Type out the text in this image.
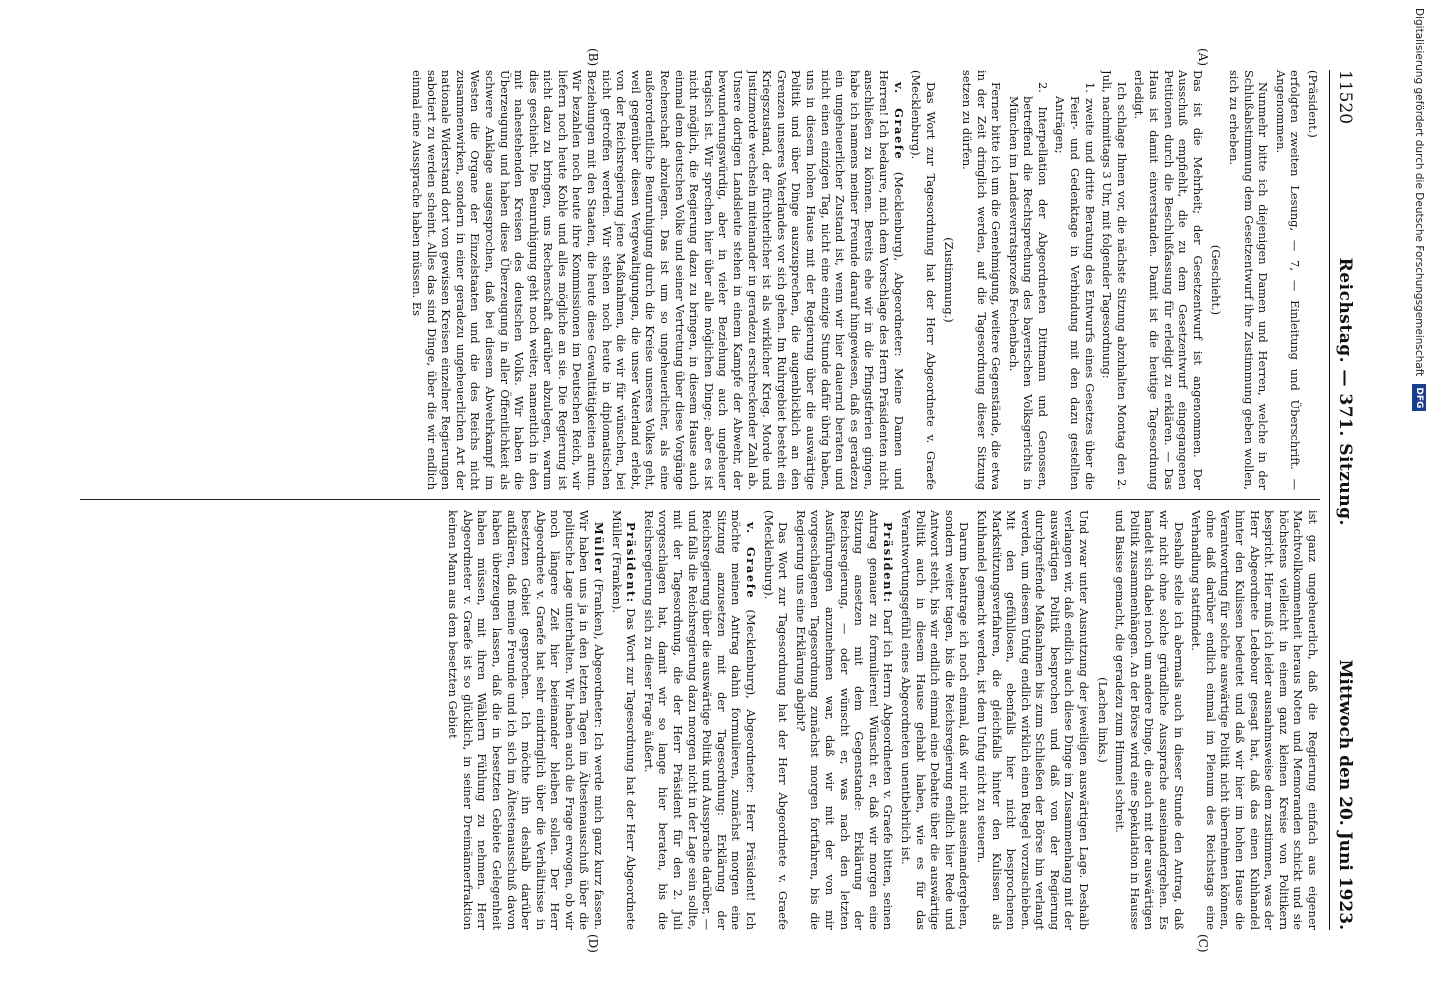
11520
Reichstag. — 371. Sitzung.
Mittwoch den 20. Juni 1923.
(A)
(B)
(C)
(D)

(Präsident.)

erfolgten zweiten Lesung, — 7, — Einleitung und Überschrift. — Angenommen.

Nunmehr bitte ich diejenigen Damen und Herren, welche in der Schlußabstimmung dem Gesetzentwurf ihre Zustimmung geben wollen, sich zu erheben.

(Geschieht.)

Das ist die Mehrheit; der Gesetzentwurf ist angenommen. Der Ausschuß empfiehlt, die zu dem Gesetzentwurf eingegangenen Petitionen durch die Beschlußfassung für erledigt zu erklären. — Das Haus ist damit einverstanden. Damit ist die heutige Tagesordnung erledigt.

Ich schlage Ihnen vor, die nächste Sitzung abzuhalten Montag den 2. Juli, nachmittags 3 Uhr, mit folgender Tagesordnung:

1. zweite und dritte Beratung des Entwurfs eines Gesetzes über die Feier- und Gedenktage in Verbindung mit den dazu gestellten Anträgen;

2. Interpellation der Abgeordneten Dittmann und Genossen, betreffend die Rechtsprechung des bayerischen Volksgerichts in München im Landesverratsprozeß Fechenbach.

Ferner bitte ich um die Genehmigung, weitere Gegenstände, die etwa in der Zeit dringlich werden, auf die Tagesordnung dieser Sitzung setzen zu dürfen.

(Zustimmung.)

Das Wort zur Tagesordnung hat der Herr Abgeordnete v. Graefe (Mecklenburg).

v. Graefe (Mecklenburg), Abgeordneter: Meine Damen und Herren! Ich bedaure, mich dem Vorschlage des Herrn Präsidenten nicht anschließen zu können. Bereits ehe wir in die Pfingstferien gingen, habe ich namens meiner Freunde darauf hingewiesen, daß es geradezu ein ungeheuerlicher Zustand ist, wenn wir hier dauernd beraten und nicht einen einzigen Tag, nicht eine einzige Stunde dafür übrig haben, uns in diesem hohen Hause mit der Regierung über die auswärtige Politik und über Dinge auszusprechen, die augenblicklich an den Grenzen unseres Vaterlandes vor sich gehen. Im Ruhrgebiet besteht ein Kriegszustand, der fürchterlicher ist als wirklicher Krieg. Morde und Justizmorde wechseln miteinander in geradezu erschreckender Zahl ab. Unsere dortigen Landsleute stehen in einem Kampfe der Abwehr, der bewunderungswürdig, aber in vieler Beziehung auch ungeheuer tragisch ist. Wir sprechen hier über alle möglichen Dinge; aber es ist nicht möglich, die Regierung dazu zu bringen, in diesem Hause auch einmal dem deutschen Volke und seiner Vertretung über diese Vorgänge Rechenschaft abzulegen. Das ist um so ungeheuerlicher, als eine außerordentliche Beunruhigung durch die Kreise unseres Volkes geht, weil gegenüber diesen Vergewaltigungen, die unser Vaterland erlebt, von der Reichsregierung jene Maßnahmen, die wir für wünschen, bei nicht getroffen werden. Wir stehen noch heute in diplomatischen Beziehungen mit den Staaten, die heute diese Gewalttätigkeiten antun. Wir bezahlen noch heute ihre Kommissionen im Deutschen Reich, wir liefern noch heute Kohle und alles mögliche an sie. Die Regierung ist nicht dazu zu bringen, uns Rechenschaft darüber abzulegen, warum dies geschieht. Die Beunruhigung geht noch weiter, namentlich in den mit nahestehenden Kreisen des deutschen Volks. Wir haben die Überzeugung und haben diese Überzeugung in aller Öffentlichkeit als schwere Anklage ausgesprochen, daß bei diesem Abwehrkampf im Westen die Organe der Einzelstaaten und die des Reichs nicht zusammenwirken, sondern in einer geradezu ungeheuerlichen Art der nationale Widerstand dort von gewissen Kreisen einzelner Regierungen sabotiert zu werden scheint. Alles das sind Dinge, über die wir endlich einmal eine Aussprache haben müssen. Es

ist ganz ungeheuerlich, daß die Regierung einfach aus eigener Machtvollkommenheit heraus Noten und Memoranden schickt und sie höchstens vielleicht in einem ganz kleinen Kreise von Politikern bespricht. Hier muß ich leider ausnahmsweise dem zustimmen, was der Herr Abgeordnete Ledebour gesagt hat, daß das einen Kuhhandel hinter den Kulissen bedeutet und daß wir hier im hohen Hause die Verantwortung für solche auswärtige Politik nicht übernehmen können, ohne daß darüber endlich einmal im Plenum des Reichstags eine Verhandlung stattfindet.

Deshalb stelle ich abermals auch in dieser Stunde den Antrag, daß wir nicht ohne solche gründliche Aussprache auseinandergehen. Es handelt sich dabei noch um andere Dinge, die auch mit der auswärtigen Politik zusammenhängen. An der Börse wird eine Spekulation in Hausse und Baisse gemacht, die geradezu zum Himmel schreit.

(Lachen links.)

Und zwar unter Ausnutzung der jeweiligen auswärtigen Lage. Deshalb verlangen wir, daß endlich auch diese Dinge im Zusammenhang mit der auswärtigen Politik besprochen und daß von der Regierung durchgreifende Maßnahmen bis zum Schließen der Börse hin verlangt werden, um diesem Unfug endlich wirklich einen Riegel vorzuschieben. Mit den gefühllosen, ebenfalls hier nicht besprochenen Markstützungsverfahren, die gleichfalls hinter den Kulissen als Kuhhandel gemacht werden, ist dem Unfug nicht zu steuern.

Darum beantrage ich noch einmal, daß wir nicht auseinandergehen, sondern weiter tagen, bis die Reichsregierung endlich hier Rede und Antwort steht, bis wir endlich einmal eine Debatte über die auswärtige Politik auch in diesem Hause gehabt haben, wie es für das Verantwortungsgefühl eines Abgeordneten unentbehrlich ist.

Präsident: Darf ich Herrn Abgeordneten v. Graefe bitten, seinen Antrag genauer zu formulieren! Wünscht er, daß wir morgen eine Sitzung ansetzen mit dem Gegenstande: Erklärung der Reichsregierung, — oder wünscht er, was nach den letzten Ausführungen anzunehmen war, daß wir mit der von mir vorgeschlagenen Tagesordnung zunächst morgen fortfahren, bis die Regierung uns eine Erklärung abgibt?

Das Wort zur Tagesordnung hat der Herr Abgeordnete v. Graefe (Mecklenburg).

v. Graefe (Mecklenburg), Abgeordneter: Herr Präsident! Ich möchte meinen Antrag dahin formulieren, zunächst morgen eine Sitzung anzusetzen mit der Tagesordnung: Erklärung der Reichsregierung über die auswärtige Politik und Aussprache darüber, — und falls die Reichsregierung dazu morgen nicht in der Lage sein sollte, mit der Tagesordnung, die der Herr Präsident für den 2. Juli vorgeschlagen hat, damit wir so lange hier beraten, bis die Reichsregierung sich zu dieser Frage äußert.

Präsident: Das Wort zur Tagesordnung hat der Herr Abgeordnete Müller (Franken).

Müller (Franken), Abgeordneter: Ich werde mich ganz kurz fassen. Wir haben uns ja in den letzten Tagen im Ältestenausschuß über die politische Lage unterhalten. Wir haben auch die Frage erwogen, ob wir noch längere Zeit hier beieinander bleiben sollen. Der Herr Abgeordnete v. Graefe hat sehr eindringlich über die Verhältnisse in besetzten Gebiet gesprochen. Ich möchte ihn deshalb darüber aufklären, daß meine Freunde und ich sich im Ältestenausschuß davon haben überzeugen lassen, daß die in besetzten Gebiete Gelegenheit haben müssen, mit ihren Wählern Fühlung zu nehmen. Herr Abgeordneter v. Graefe ist so glücklich, in seiner Dreimännerfraktion keinen Mann aus dem besetzten Gebiet

Digitalisierung gefördert durch die Deutsche Forschungsgemeinschaft
DFG
